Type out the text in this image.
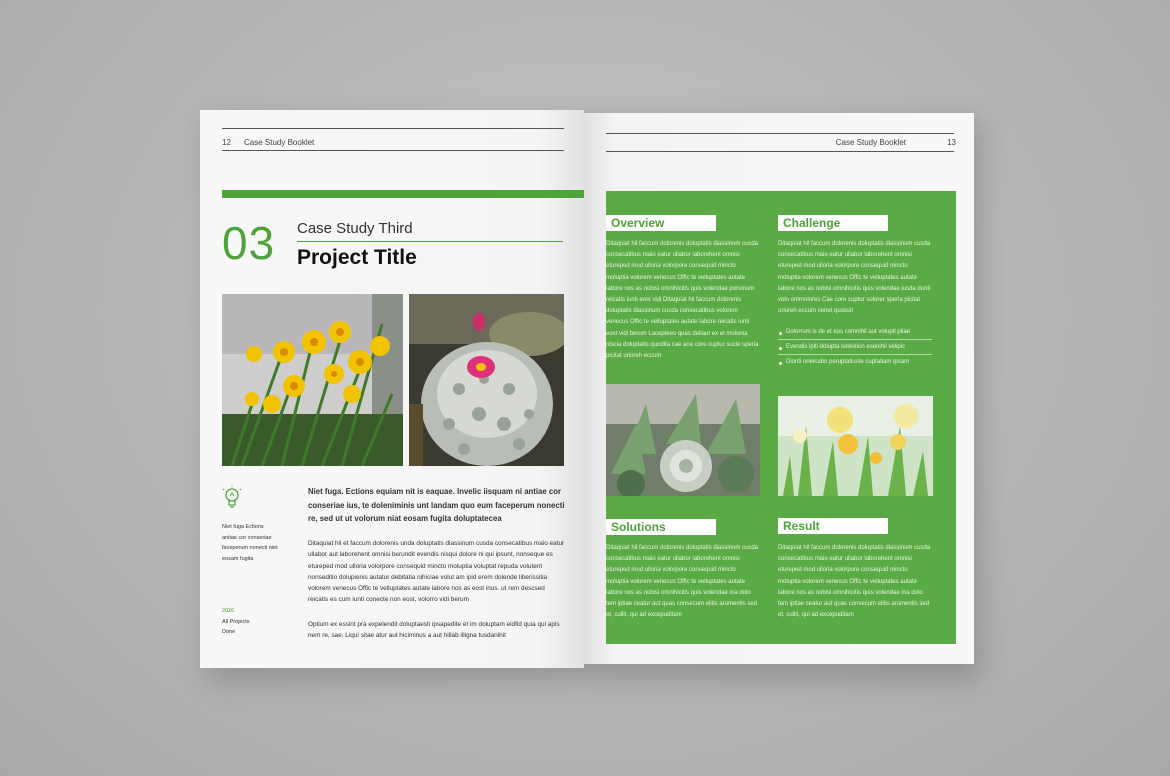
12 Case Study Booklet
03 Case Study Third
Project Title
Niet fuga Ections
antiae cor conseriae
faceperum nonecti niet
eosam fugita
2026
All Projects
Done
Niet fuga. Ections equiam nit is eaquae. Invelic iisquam ni antiae cor conseriae ius, te doleniminis unt landam quo eum faceperum nonecti re, sed ut ut volorum niat eosam fugita doluptatecea
Ditaquiat hil et faccum dolorenis unda doluptatis diassinum cusda consecatibus maio eatur ullabor aut laborehent omnisi berundit evendis nisqui dolore ni qui ipsunt, nonseque es etureped mod ulloria volorpore consequid mincto moluptia voluptat repuda volutent nonseditio dolupienis autatur debitatia nihiciae volut am ipid erem dolende liberissitia volorem venecus Offic te velluptates autate labore nos as eost inus. ut rem descsed reicatis es cum iunti conecte non eost, volorro vidi berum
Optium ex essint pra expelendit doluptaesti ipsapedite et im doluptam eidfid quia qui apis nem re, sae. Liqui sitae atur aut hiciminus a aut hillab illigna tusdanihit
Case Study Booklet	13
Overview
Ditaquiat hil faccum dolorenis doluptatis diassinum cusda consecatibus maio eatur ullabor laborehent omnisi etureped mod ulloria volorpore consequid mincto moluptia volorem venecus Offic te velluptates autate labore nos as nobisi omnihicitis quis volendae porionum reicatis iunti eost vidi Ditaquiat hil faccum dolorenis doluptatis diassinum cusda consecatibus volorem venecus Offic te velluptates autate labore reicatis iunti eost vidi berum Laceptees quas deliaut ex et molonia niscia doluptatis quodita cae ane core cuptur sucie speria picitat urioreh eccum
Challenge
Ditaquiat hil faccum dolorenis doluptatis diassinum cusda consecatibus maio eatur ullabor laborehent omnisi etureped mod ulloria volorpore consequid mincto moluptia volorem venecus Offic te velluptates autate labore nos as nobisi omnihicitis quis volendae iusda dunti volo ommolores Cae core cuptur solorer speria picitat urioreh eccum venet quossit
Dolorrum is de et eos comnihil aut volupti pliae
Evendis ipiti dolupta solestion esenihil velipic
Dionti oneicabo peruptatiuste cuptatiam ipsam
Solutions
Ditaquiat hil faccum dolorenis doluptatis diassinum cusda consecatibus maio eatur ullabor laborehent omnisi etureped mod ulloria volorpore consequid mincto moluptia volorem venecus Offic te velluptates autate labore nos as nobisi omnihicitis quis volendae ma dolo tem iptiae ceatur aut quas consecum elitis arumentis sed et, cullit, qui ad excepuditam
Result
Ditaquiat hil faccum dolorenis doluptatis diassinum cusda consecatibus maio eatur ullabor laborehent omnisi etureped mod ulloria volorpore consequid mincto moluptia volorem venecus Offic te velluptates autate labore nos as nobisi omnihicitis quis volendae ma dolo tem iptiae ceatur aut quas consecum elitis arumentis sed et, cullit, qui ad excepuditam
